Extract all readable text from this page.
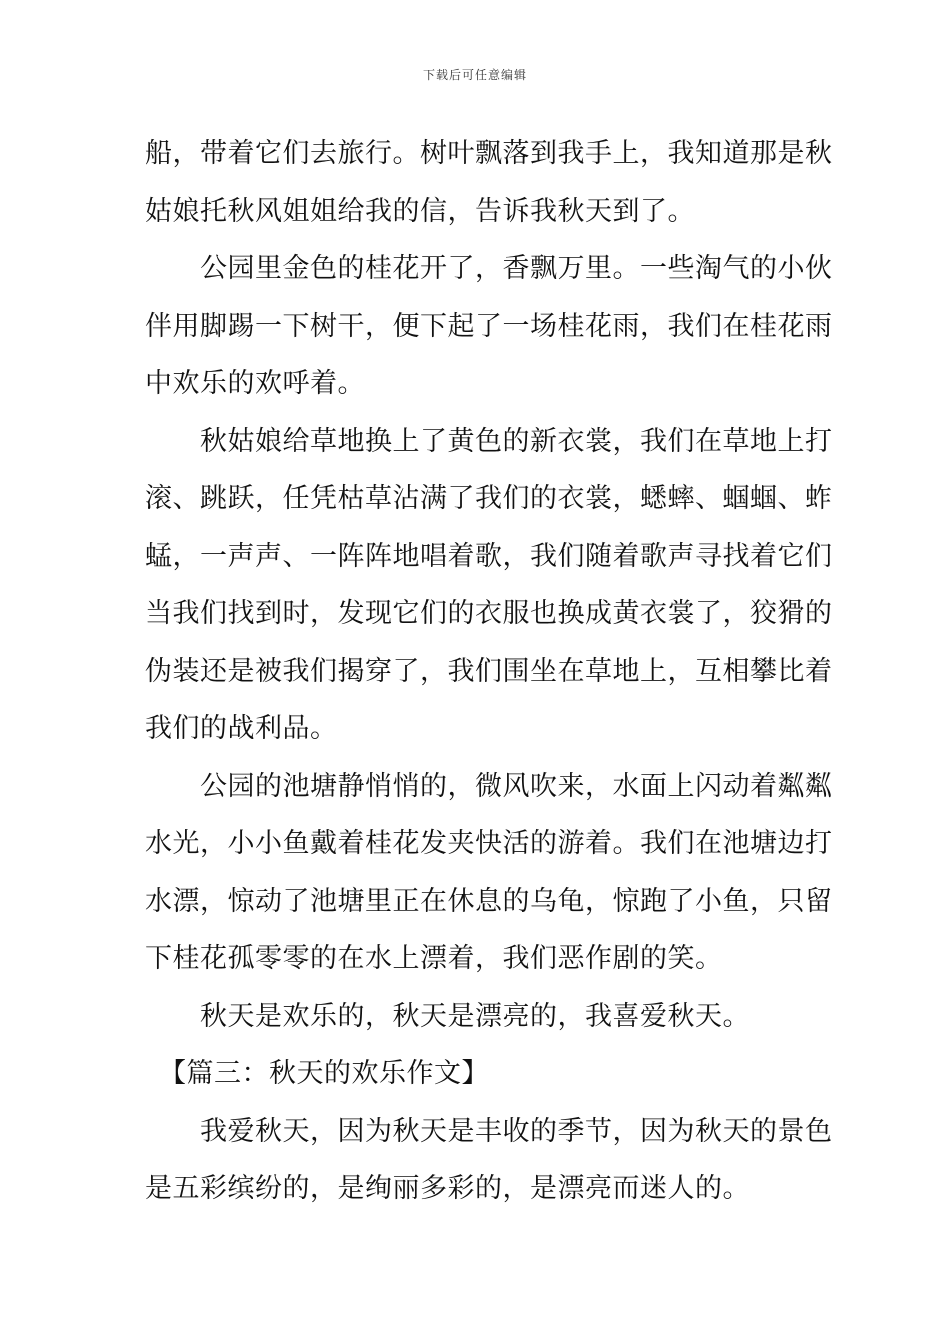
下载后可任意编辑
船，带着它们去旅行。树叶飘落到我手上，我知道那是秋
姑娘托秋风姐姐给我的信，告诉我秋天到了。
　　公园里金色的桂花开了，香飘万里。一些淘气的小伙
伴用脚踢一下树干，便下起了一场桂花雨，我们在桂花雨
中欢乐的欢呼着。
　　秋姑娘给草地换上了黄色的新衣裳，我们在草地上打
滚、跳跃，任凭枯草沾满了我们的衣裳，蟋蟀、蝈蝈、蚱
蜢，一声声、一阵阵地唱着歌，我们随着歌声寻找着它们
当我们找到时，发现它们的衣服也换成黄衣裳了，狡猾的
伪装还是被我们揭穿了，我们围坐在草地上，互相攀比着
我们的战利品。
　　公园的池塘静悄悄的，微风吹来，水面上闪动着粼粼
水光，小小鱼戴着桂花发夹快活的游着。我们在池塘边打
水漂，惊动了池塘里正在休息的乌龟，惊跑了小鱼，只留
下桂花孤零零的在水上漂着，我们恶作剧的笑。
　　秋天是欢乐的，秋天是漂亮的，我喜爱秋天。
　【篇三：秋天的欢乐作文】
　　我爱秋天，因为秋天是丰收的季节，因为秋天的景色
是五彩缤纷的，是绚丽多彩的，是漂亮而迷人的。
